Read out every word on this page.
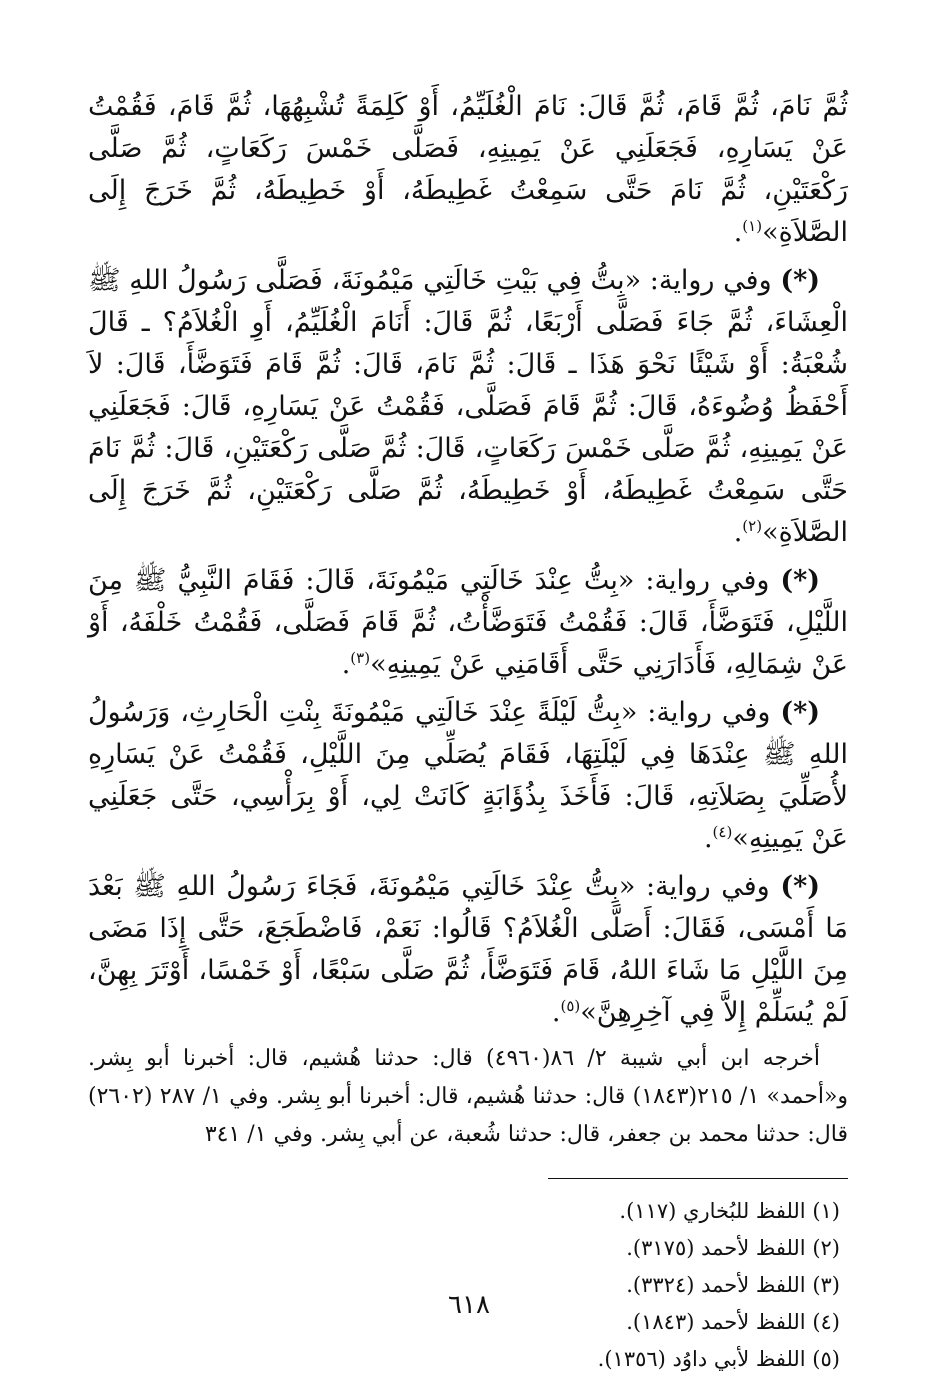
ثُمَّ نَامَ، ثُمَّ قَامَ، ثُمَّ قَالَ: نَامَ الْغُلَيِّمُ، أَوْ كَلِمَةً تُشْبِهُهَا، ثُمَّ قَامَ، فَقُمْتُ عَنْ يَسَارِهِ، فَجَعَلَنِي عَنْ يَمِينِهِ، فَصَلَّى خَمْسَ رَكَعَاتٍ، ثُمَّ صَلَّى رَكْعَتَيْنِ، ثُمَّ نَامَ حَتَّى سَمِعْتُ غَطِيطَهُ، أَوْ خَطِيطَهُ، ثُمَّ خَرَجَ إِلَى الصَّلاَةِ»$^{(١)}$.

(*) وفي رواية: «بِتُّ فِي بَيْتِ خَالَتِي مَيْمُونَةَ، فَصَلَّى رَسُولُ اللهِ ﷺ الْعِشَاءَ، ثُمَّ جَاءَ فَصَلَّى أَرْبَعًا، ثُمَّ قَالَ: أَنَامَ الْغُلَيِّمُ، أَوِ الْغُلاَمُ؟ ـ قَالَ شُعْبَةُ: أَوْ شَيْئًا نَحْوَ هَذَا ـ قَالَ: ثُمَّ نَامَ، قَالَ: ثُمَّ قَامَ فَتَوَضَّأَ، قَالَ: لاَ أَحْفَظُ وُضُوءَهُ، قَالَ: ثُمَّ قَامَ فَصَلَّى، فَقُمْتُ عَنْ يَسَارِهِ، قَالَ: فَجَعَلَنِي عَنْ يَمِينِهِ، ثُمَّ صَلَّى خَمْسَ رَكَعَاتٍ، قَالَ: ثُمَّ صَلَّى رَكْعَتَيْنِ، قَالَ: ثُمَّ نَامَ حَتَّى سَمِعْتُ غَطِيطَهُ، أَوْ خَطِيطَهُ، ثُمَّ صَلَّى رَكْعَتَيْنِ، ثُمَّ خَرَجَ إِلَى الصَّلاَةِ»$^{(٢)}$.

(*) وفي رواية: «بِتُّ عِنْدَ خَالَتِي مَيْمُونَةَ، قَالَ: فَقَامَ النَّبِيُّ ﷺ مِنَ اللَّيْلِ، فَتَوَضَّأَ، قَالَ: فَقُمْتُ فَتَوَضَّأْتُ، ثُمَّ قَامَ فَصَلَّى، فَقُمْتُ خَلْفَهُ، أَوْ عَنْ شِمَالِهِ، فَأَدَارَنِي حَتَّى أَقَامَنِي عَنْ يَمِينِهِ»$^{(٣)}$.

(*) وفي رواية: «بِتُّ لَيْلَةً عِنْدَ خَالَتِي مَيْمُونَةَ بِنْتِ الْحَارِثِ، وَرَسُولُ اللهِ ﷺ عِنْدَهَا فِي لَيْلَتِهَا، فَقَامَ يُصَلِّي مِنَ اللَّيْلِ، فَقُمْتُ عَنْ يَسَارِهِ لأُصَلِّيَ بِصَلاَتِهِ، قَالَ: فَأَخَذَ بِذُؤَابَةٍ كَانَتْ لِي، أَوْ بِرَأْسِي، حَتَّى جَعَلَنِي عَنْ يَمِينِهِ»$^{(٤)}$.

(*) وفي رواية: «بِتُّ عِنْدَ خَالَتِي مَيْمُونَةَ، فَجَاءَ رَسُولُ اللهِ ﷺ بَعْدَ مَا أَمْسَى، فَقَالَ: أَصَلَّى الْغُلاَمُ؟ قَالُوا: نَعَمْ، فَاضْطَجَعَ، حَتَّى إِذَا مَضَى مِنَ اللَّيْلِ مَا شَاءَ اللهُ، قَامَ فَتَوَضَّأَ، ثُمَّ صَلَّى سَبْعًا، أَوْ خَمْسًا، أَوْتَرَ بِهِنَّ، لَمْ يُسَلِّمْ إِلاَّ فِي آخِرِهِنَّ»$^{(٥)}$.

أخرجه ابن أبي شيبة ٢/ ٨٦(٤٩٦٠) قال: حدثنا هُشيم، قال: أخبرنا أبو بِشر. و«أحمد» ١/ ٢١٥(١٨٤٣) قال: حدثنا هُشيم، قال: أخبرنا أبو بِشر. وفي ١/ ٢٨٧ (٢٦٠٢) قال: حدثنا محمد بن جعفر، قال: حدثنا شُعبة، عن أبي بِشر. وفي ١/ ٣٤١

(١) اللفظ للبُخاري (١١٧).
(٢) اللفظ لأحمد (٣١٧٥).
(٣) اللفظ لأحمد (٣٣٢٤).
(٤) اللفظ لأحمد (١٨٤٣).
(٥) اللفظ لأبي داوُد (١٣٥٦).
٦١٨
